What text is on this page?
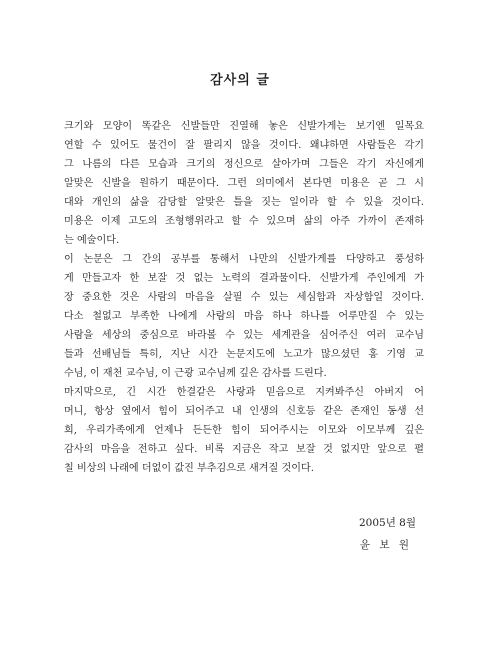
감사의 글
크기와 모양이 똑같은 신발들만 진열해 놓은 신발가게는 보기엔 일목요
연할 수 있어도 물건이 잘 팔리지 않을 것이다. 왜냐하면 사람들은 각기
그 나름의 다른 모습과 크기의 정신으로 살아가며 그들은 각기 자신에게
알맞은 신발을 원하기 때문이다. 그런 의미에서 본다면 미용은 곧 그 시
대와 개인의 삶을 감당할 알맞은 틀을 짓는 일이라 할 수 있을 것이다.
미용은 이제 고도의 조형행위라고 할 수 있으며 삶의 아주 가까이 존재하
는 예술이다.
이 논문은 그 간의 공부를 통해서 나만의 신발가게를 다양하고 풍성하
게 만들고자 한 보잘 것 없는 노력의 결과물이다. 신발가게 주인에게 가
장 중요한 것은 사람의 마음을 살필 수 있는 세심함과 자상함일 것이다.
다소 철없고 부족한 나에게 사람의 마음 하나 하나를 어루만질 수 있는
사람을 세상의 중심으로 바라볼 수 있는 세계관을 심어주신 여러 교수님
들과 선배님들 특히, 지난 시간 논문지도에 노고가 많으셨던 홍 기영 교
수님, 이 재천 교수님, 이 근광 교수님께 깊은 감사를 드린다.
마지막으로, 긴 시간 한결같은 사랑과 믿음으로 지켜봐주신 아버지 어
머니, 항상 옆에서 힘이 되어주고 내 인생의 신호등 같은 존재인 동생 선
희, 우리가족에게 언제나 든든한 힘이 되어주시는 이모와 이모부께 깊은
감사의 마음을 전하고 싶다. 비록 지금은 작고 보잘 것 없지만 앞으로 펼
칠 비상의 나래에 더없이 값진 부추김으로 새겨질 것이다.
2005년 8월
윤 보 원
